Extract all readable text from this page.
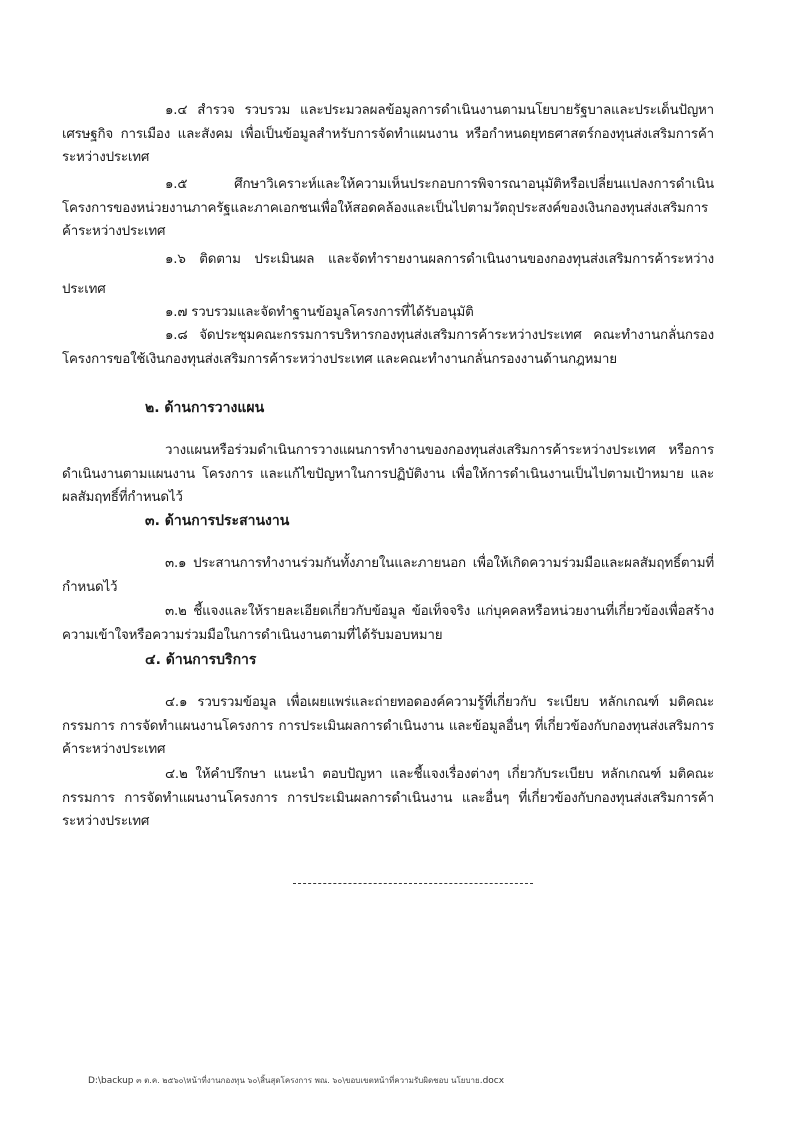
๑.๔ สำรวจ รวบรวม และประมวลผลข้อมูลการดำเนินงานตามนโยบายรัฐบาลและประเด็นปัญหาเศรษฐกิจ การเมือง และสังคม เพื่อเป็นข้อมูลสำหรับการจัดทำแผนงาน หรือกำหนดยุทธศาสตร์กองทุนส่งเสริมการค้าระหว่างประเทศ

๑.๕ ศึกษาวิเคราะห์และให้ความเห็นประกอบการพิจารณาอนุมัติหรือเปลี่ยนแปลงการดำเนินโครงการของหน่วยงานภาครัฐและภาคเอกชนเพื่อให้สอดคล้องและเป็นไปตามวัตถุประสงค์ของเงินกองทุนส่งเสริมการค้าระหว่างประเทศ

๑.๖ ติดตาม ประเมินผล และจัดทำรายงานผลการดำเนินงานของกองทุนส่งเสริมการค้าระหว่างประเทศ

๑.๗ รวบรวมและจัดทำฐานข้อมูลโครงการที่ได้รับอนุมัติ

๑.๘ จัดประชุมคณะกรรมการบริหารกองทุนส่งเสริมการค้าระหว่างประเทศ คณะทำงานกลั่นกรองโครงการขอใช้เงินกองทุนส่งเสริมการค้าระหว่างประเทศ และคณะทำงานกลั่นกรองงานด้านกฎหมาย

๒. ด้านการวางแผน

วางแผนหรือร่วมดำเนินการวางแผนการทำงานของกองทุนส่งเสริมการค้าระหว่างประเทศ หรือการดำเนินงานตามแผนงาน โครงการ และแก้ไขปัญหาในการปฏิบัติงาน เพื่อให้การดำเนินงานเป็นไปตามเป้าหมาย และผลสัมฤทธิ์ที่กำหนดไว้

๓. ด้านการประสานงาน

๓.๑ ประสานการทำงานร่วมกันทั้งภายในและภายนอก เพื่อให้เกิดความร่วมมือและผลสัมฤทธิ์ตามที่กำหนดไว้

๓.๒ ชี้แจงและให้รายละเอียดเกี่ยวกับข้อมูล ข้อเท็จจริง แก่บุคคลหรือหน่วยงานที่เกี่ยวข้องเพื่อสร้างความเข้าใจหรือความร่วมมือในการดำเนินงานตามที่ได้รับมอบหมาย

๔. ด้านการบริการ

๔.๑ รวบรวมข้อมูล เพื่อเผยแพร่และถ่ายทอดองค์ความรู้ที่เกี่ยวกับ ระเบียบ หลักเกณฑ์ มติคณะกรรมการ การจัดทำแผนงานโครงการ การประเมินผลการดำเนินงาน และข้อมูลอื่นๆ ที่เกี่ยวข้องกับกองทุนส่งเสริมการค้าระหว่างประเทศ

๔.๒ ให้คำปรึกษา แนะนำ ตอบปัญหา และชี้แจงเรื่องต่างๆ เกี่ยวกับระเบียบ หลักเกณฑ์ มติคณะกรรมการ การจัดทำแผนงานโครงการ การประเมินผลการดำเนินงาน และอื่นๆ ที่เกี่ยวข้องกับกองทุนส่งเสริมการค้าระหว่างประเทศ

D:\backup ๓ ต.ค. ๒๕๖๐\หน้าที่งานกองทุน ๖๐\สิ้นสุดโครงการ พณ. ๖๐\ขอบเขตหน้าที่ความรับผิดชอบ นโยบาย.docx
